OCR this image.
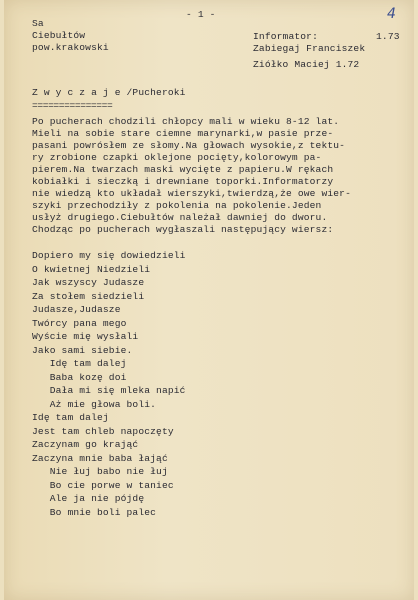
Sa
Ciebułtów
pow.krakowski
- 1 -	4
Informator:	1.73
Zabiegaj Franciszek
Ziółko Maciej 1.72
Z w y c z a j e /Pucheroki
===============
Po pucherach chodzili chłopcy mali w wieku 8-12 lat.
Mieli na sobie stare ciemne marynarki,w pasie prze-
pasani powrósłem ze słomy.Na głowach wysokie,z tektu-
ry zrobione czapki oklejone pocięty,kolorowym pa-
pierem.Na twarzach maski wycięte z papieru.W rękach
kobiałki i sieczką i drewniane toporki.Informatorzy
nie wiedzą kto układał wierszyki,twierdzą,że owe wier-
szyki przechodziły z pokolenia na pokolenie.Jeden
usłyż drugiego.Ciebułtów należał dawniej do dworu.
Chodząc po pucherach wygłaszali następujący wiersz:
Dopiero my się dowiedzieli
O kwietnej Niedzieli
Jak wszyscy Judasze
Za stołem siedzieli
Judasze,Judasze
Twórcy pana mego
Wyście mię wysłali
Jako sami siebie.
Idę tam dalej
Baba kozę doi
Dała mi się mleka napić
Aż mie głowa boli.
Idę tam dalej
Jest tam chleb napoczęty
Zaczynam go krająć
Zaczyna mnie baba łająć
Nie łuj babo nie łuj
Bo cie porwe w taniec
Ale ja nie pójdę
Bo mnie boli palec
